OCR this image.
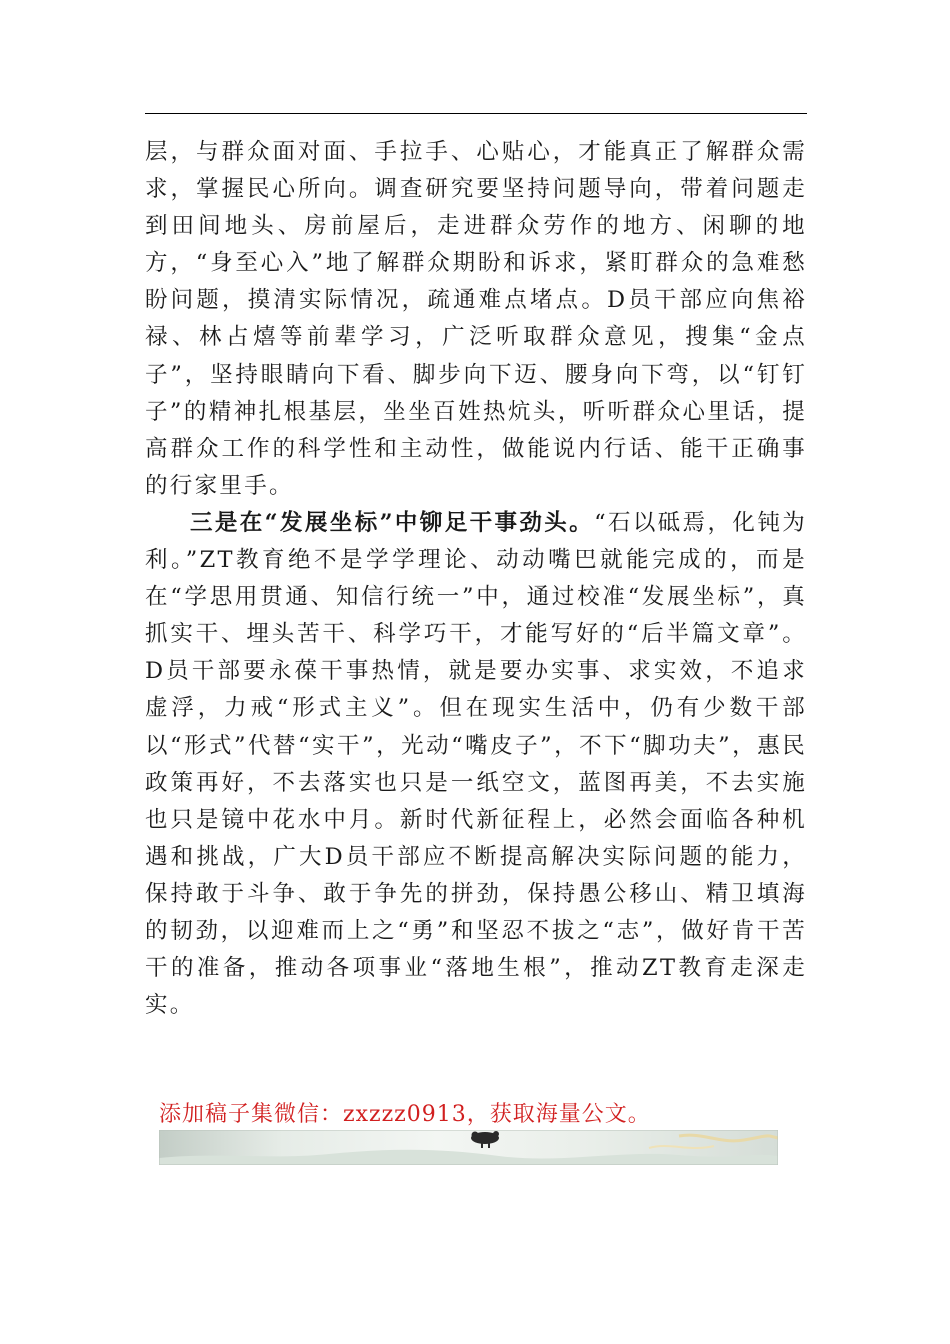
层，与群众面对面、手拉手、心贴心，才能真正了解群众需求，掌握民心所向。调查研究要坚持问题导向，带着问题走到田间地头、房前屋后，走进群众劳作的地方、闲聊的地方，“身至心入”地了解群众期盼和诉求，紧盯群众的急难愁盼问题，摸清实际情况，疏通难点堵点。D员干部应向焦裕禄、林占熺等前辈学习，广泛听取群众意见，搜集“金点子”，坚持眼睛向下看、脚步向下迈、腰身向下弯，以“钉钉子”的精神扎根基层，坐坐百姓热炕头，听听群众心里话，提高群众工作的科学性和主动性，做能说内行话、能干正确事的行家里手。

三是在“发展坐标”中铆足干事劲头。“石以砥焉，化钝为利。”ZT教育绝不是学学理论、动动嘴巴就能完成的，而是在“学思用贯通、知信行统一”中，通过校准“发展坐标”，真抓实干、埋头苦干、科学巧干，才能写好的“后半篇文章”。D员干部要永葆干事热情，就是要办实事、求实效，不追求虚浮，力戒“形式主义”。但在现实生活中，仍有少数干部以“形式”代替“实干”，光动“嘴皮子”，不下“脚功夫”，惠民政策再好，不去落实也只是一纸空文，蓝图再美，不去实施也只是镜中花水中月。新时代新征程上，必然会面临各种机遇和挑战，广大D员干部应不断提高解决实际问题的能力，保持敢于斗争、敢于争先的拼劲，保持愚公移山、精卫填海的韧劲，以迎难而上之“勇”和坚忍不拔之“志”，做好肯干苦干的准备，推动各项事业“落地生根”，推动ZT教育走深走实。

添加稿子集微信：zxzzz0913，获取海量公文。
